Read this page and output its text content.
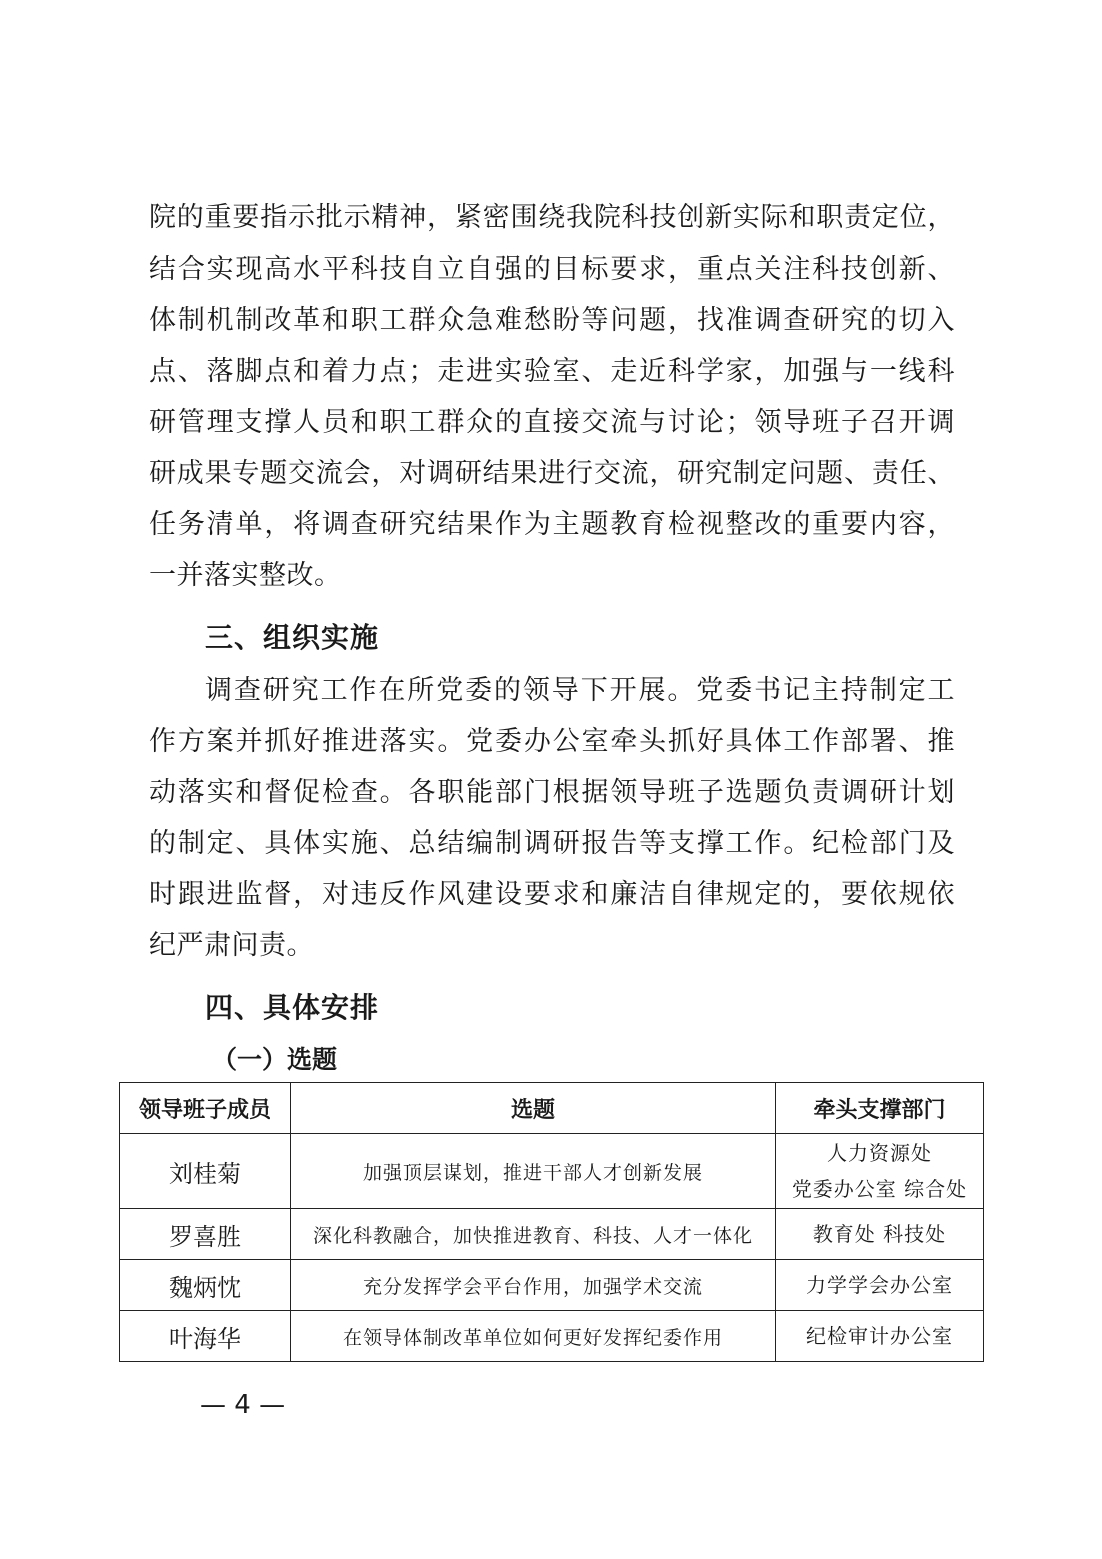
院的重要指示批示精神，紧密围绕我院科技创新实际和职责定位，
结合实现高水平科技自立自强的目标要求，重点关注科技创新、
体制机制改革和职工群众急难愁盼等问题，找准调查研究的切入
点、落脚点和着力点；走进实验室、走近科学家，加强与一线科
研管理支撑人员和职工群众的直接交流与讨论；领导班子召开调
研成果专题交流会，对调研结果进行交流，研究制定问题、责任、
任务清单，将调查研究结果作为主题教育检视整改的重要内容，
一并落实整改。
三、组织实施
调查研究工作在所党委的领导下开展。党委书记主持制定工
作方案并抓好推进落实。党委办公室牵头抓好具体工作部署、推
动落实和督促检查。各职能部门根据领导班子选题负责调研计划
的制定、具体实施、总结编制调研报告等支撑工作。纪检部门及
时跟进监督，对违反作风建设要求和廉洁自律规定的，要依规依
纪严肃问责。
四、具体安排
（一）选题
领导班子成员	选题	牵头支撑部门
刘桂菊	加强顶层谋划，推进干部人才创新发展	人力资源处
党委办公室 综合处

罗喜胜	深化科教融合，加快推进教育、科技、人才一体化	教育处 科技处
魏炳忱	充分发挥学会平台作用，加强学术交流	力学学会办公室
叶海华	在领导体制改革单位如何更好发挥纪委作用	纪检审计办公室
— 4 —
